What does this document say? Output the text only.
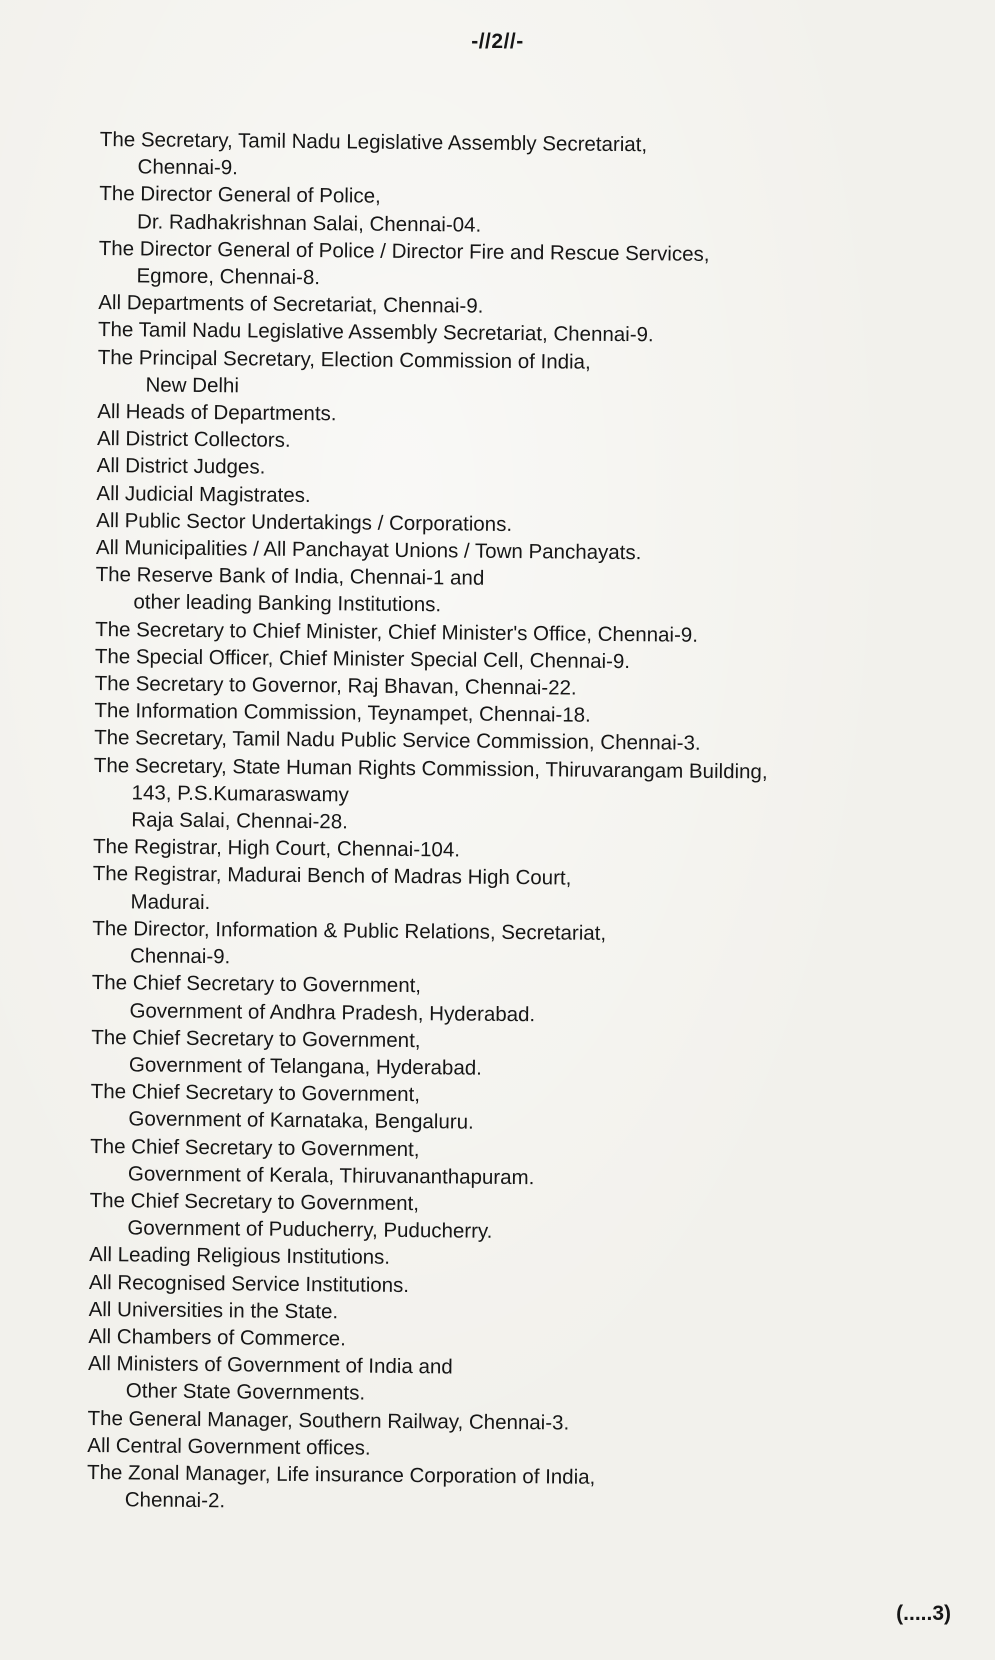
-//2//-
The Secretary, Tamil Nadu Legislative Assembly Secretariat,
Chennai-9.
The Director General of Police,
Dr. Radhakrishnan Salai, Chennai-04.
The Director General of Police / Director Fire and Rescue Services,
Egmore, Chennai-8.
All Departments of Secretariat, Chennai-9.
The Tamil Nadu Legislative Assembly Secretariat, Chennai-9.
The Principal Secretary, Election Commission of India,
New Delhi
All Heads of Departments.
All District Collectors.
All District Judges.
All Judicial Magistrates.
All Public Sector Undertakings / Corporations.
All Municipalities / All Panchayat Unions / Town Panchayats.
The Reserve Bank of India, Chennai-1 and
other leading Banking Institutions.
The Secretary to Chief Minister, Chief Minister's Office, Chennai-9.
The Special Officer, Chief Minister Special Cell, Chennai-9.
The Secretary to Governor, Raj Bhavan, Chennai-22.
The Information Commission, Teynampet, Chennai-18.
The Secretary, Tamil Nadu Public Service Commission, Chennai-3.
The Secretary, State Human Rights Commission, Thiruvarangam Building,
143, P.S.Kumaraswamy
Raja Salai, Chennai-28.
The Registrar, High Court, Chennai-104.
The Registrar, Madurai Bench of Madras High Court,
Madurai.
The Director, Information & Public Relations, Secretariat,
Chennai-9.
The Chief Secretary to Government,
Government of Andhra Pradesh, Hyderabad.
The Chief Secretary to Government,
Government of Telangana, Hyderabad.
The Chief Secretary to Government,
Government of Karnataka, Bengaluru.
The Chief Secretary to Government,
Government of Kerala, Thiruvananthapuram.
The Chief Secretary to Government,
Government of Puducherry, Puducherry.
All Leading Religious Institutions.
All Recognised Service Institutions.
All Universities in the State.
All Chambers of Commerce.
All Ministers of Government of India and
Other State Governments.
The General Manager, Southern Railway, Chennai-3.
All Central Government offices.
The Zonal Manager, Life insurance Corporation of India,
Chennai-2.
(.....3)
